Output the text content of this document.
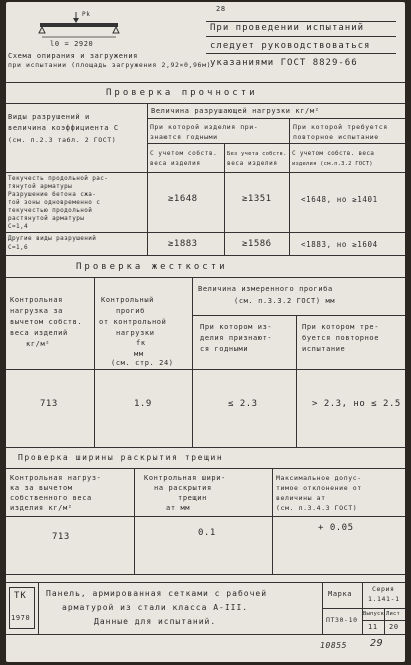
28
Pk
l0 = 2920
Схема опирания и загружения
при испытании (площадь загружения 2,92×0,96м)
При проведении испытаний
следует руководствоваться
указаниями ГОСТ 8829-66
Проверка прочности
Виды разрушений и
величина коэффициента С
(см. п.2.3 табл. 2 ГОСТ)
Величина разрушающей нагрузки кг/м²
При которой изделия при-
знаются годными
При которой требуется
повторное испытание
С учетом собств.
веса изделия
Без учета собств.
веса изделия
С учетом собств. веса
изделия (см.п.3.2 ГОСТ)
Текучесть продольной рас-
тянутой арматуры
Разрушение бетона сжа-
той зоны одновременно с
текучестью продольной
растянутой арматуры
С=1,4
≥1648	≥1351	<1648, но ≥1401
Другие виды разрушений
С=1,6	≥1883	≥1586	<1883, но ≥1604
Проверка жесткости
Контрольная
нагрузка за
вычетом собств.
веса изделий
кг/м²
Контрольный
прогиб
от контрольной
нагрузки
fк
мм
(см. стр. 24)
Величина измеренного прогиба
(см. п.3.3.2 ГОСТ) мм
При котором из-
делия признают-
ся годными
При котором тре-
буется повторное
испытание
713	1.9	≤ 2.3	> 2.3, но ≤ 2.5
Проверка ширины раскрытия трещин
Контрольная нагруз-
ка за вычетом
собственного веса
изделия кг/м²
Контрольная шири-
на раскрытия
трещин
aт мм
Максимальное допус-
тимое отклонение от
величины aт
(см. п.3.4.3 ГОСТ)
713	0.1	+ 0.05
ТК
1970
Панель, армированная сетками с рабочей
арматурой из стали класса А-III.
Данные для испытаний.
Марка
ПТ30-10
Серия
1.141-1
Выпуск Лист
11 20
10855 29
